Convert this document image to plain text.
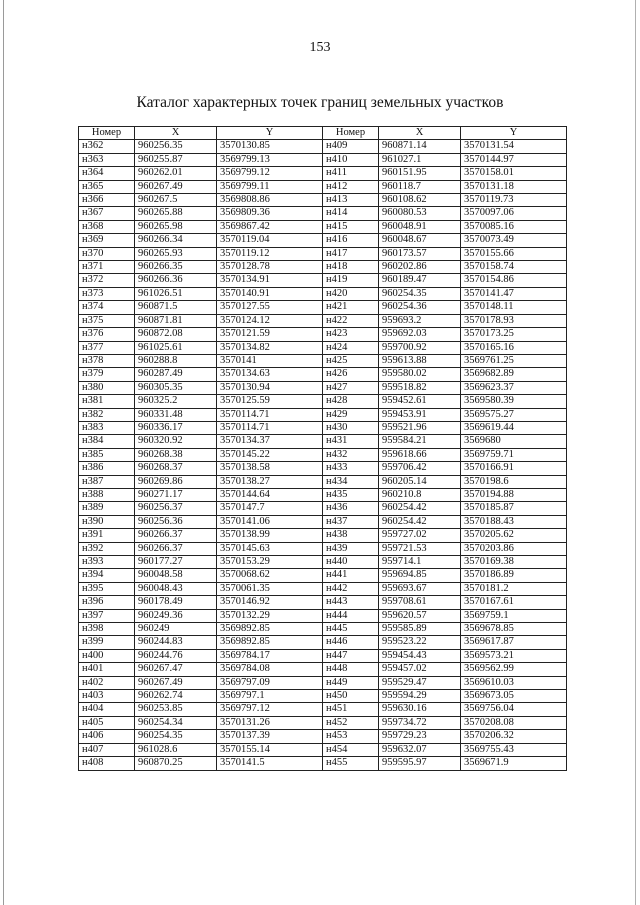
153
Каталог характерных точек границ земельных участков
Номер	X	Y	Номер	X	Y
н362	960256.35	3570130.85	н409	960871.14	3570131.54
н363	960255.87	3569799.13	н410	961027.1	3570144.97
н364	960262.01	3569799.12	н411	960151.95	3570158.01
н365	960267.49	3569799.11	н412	960118.7	3570131.18
н366	960267.5	3569808.86	н413	960108.62	3570119.73
н367	960265.88	3569809.36	н414	960080.53	3570097.06
н368	960265.98	3569867.42	н415	960048.91	3570085.16
н369	960266.34	3570119.04	н416	960048.67	3570073.49
н370	960265.93	3570119.12	н417	960173.57	3570155.66
н371	960266.35	3570128.78	н418	960202.86	3570158.74
н372	960266.36	3570134.91	н419	960189.47	3570154.86
н373	961026.51	3570140.91	н420	960254.35	3570141.47
н374	960871.5	3570127.55	н421	960254.36	3570148.11
н375	960871.81	3570124.12	н422	959693.2	3570178.93
н376	960872.08	3570121.59	н423	959692.03	3570173.25
н377	961025.61	3570134.82	н424	959700.92	3570165.16
н378	960288.8	3570141	н425	959613.88	3569761.25
н379	960287.49	3570134.63	н426	959580.02	3569682.89
н380	960305.35	3570130.94	н427	959518.82	3569623.37
н381	960325.2	3570125.59	н428	959452.61	3569580.39
н382	960331.48	3570114.71	н429	959453.91	3569575.27
н383	960336.17	3570114.71	н430	959521.96	3569619.44
н384	960320.92	3570134.37	н431	959584.21	3569680
н385	960268.38	3570145.22	н432	959618.66	3569759.71
н386	960268.37	3570138.58	н433	959706.42	3570166.91
н387	960269.86	3570138.27	н434	960205.14	3570198.6
н388	960271.17	3570144.64	н435	960210.8	3570194.88
н389	960256.37	3570147.7	н436	960254.42	3570185.87
н390	960256.36	3570141.06	н437	960254.42	3570188.43
н391	960266.37	3570138.99	н438	959727.02	3570205.62
н392	960266.37	3570145.63	н439	959721.53	3570203.86
н393	960177.27	3570153.29	н440	959714.1	3570169.38
н394	960048.58	3570068.62	н441	959694.85	3570186.89
н395	960048.43	3570061.35	н442	959693.67	3570181.2
н396	960178.49	3570146.92	н443	959708.61	3570167.61
н397	960249.36	3570132.29	н444	959620.57	3569759.1
н398	960249	3569892.85	н445	959585.89	3569678.85
н399	960244.83	3569892.85	н446	959523.22	3569617.87
н400	960244.76	3569784.17	н447	959454.43	3569573.21
н401	960267.47	3569784.08	н448	959457.02	3569562.99
н402	960267.49	3569797.09	н449	959529.47	3569610.03
н403	960262.74	3569797.1	н450	959594.29	3569673.05
н404	960253.85	3569797.12	н451	959630.16	3569756.04
н405	960254.34	3570131.26	н452	959734.72	3570208.08
н406	960254.35	3570137.39	н453	959729.23	3570206.32
н407	961028.6	3570155.14	н454	959632.07	3569755.43
н408	960870.25	3570141.5	н455	959595.97	3569671.9
